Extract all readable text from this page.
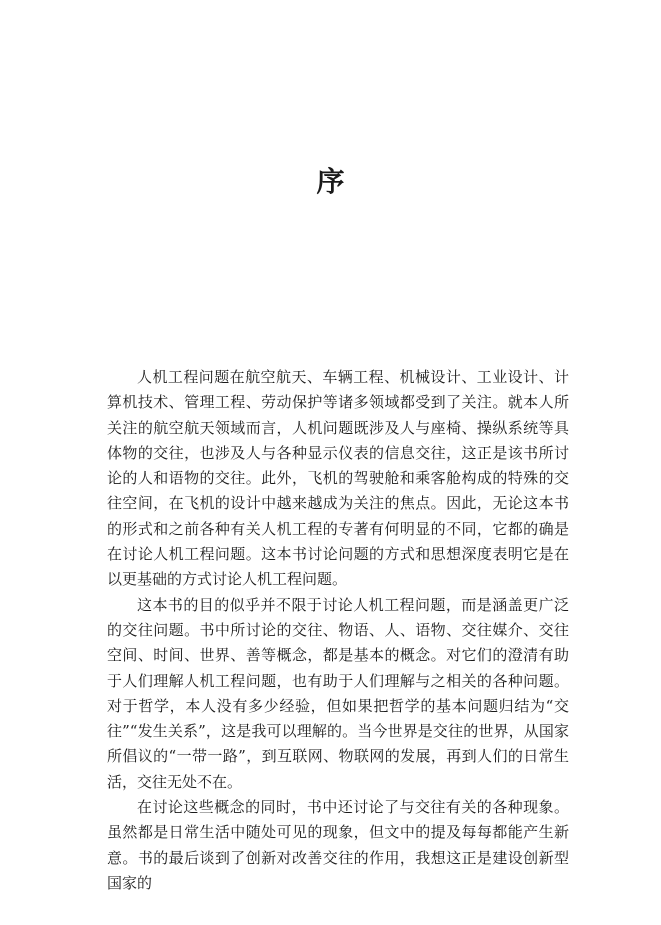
序

人机工程问题在航空航天、车辆工程、机械设计、工业设计、计算机技术、管理工程、劳动保护等诸多领域都受到了关注。就本人所关注的航空航天领域而言，人机问题既涉及人与座椅、操纵系统等具体物的交往，也涉及人与各种显示仪表的信息交往，这正是该书所讨论的人和语物的交往。此外，飞机的驾驶舱和乘客舱构成的特殊的交往空间，在飞机的设计中越来越成为关注的焦点。因此，无论这本书的形式和之前各种有关人机工程的专著有何明显的不同，它都的确是在讨论人机工程问题。这本书讨论问题的方式和思想深度表明它是在以更基础的方式讨论人机工程问题。

这本书的目的似乎并不限于讨论人机工程问题，而是涵盖更广泛的交往问题。书中所讨论的交往、物语、人、语物、交往媒介、交往空间、时间、世界、善等概念，都是基本的概念。对它们的澄清有助于人们理解人机工程问题，也有助于人们理解与之相关的各种问题。对于哲学，本人没有多少经验，但如果把哲学的基本问题归结为“交往”“发生关系”，这是我可以理解的。当今世界是交往的世界，从国家所倡议的“一带一路”，到互联网、物联网的发展，再到人们的日常生活，交往无处不在。

在讨论这些概念的同时，书中还讨论了与交往有关的各种现象。虽然都是日常生活中随处可见的现象，但文中的提及每每都能产生新意。书的最后谈到了创新对改善交往的作用，我想这正是建设创新型国家的
